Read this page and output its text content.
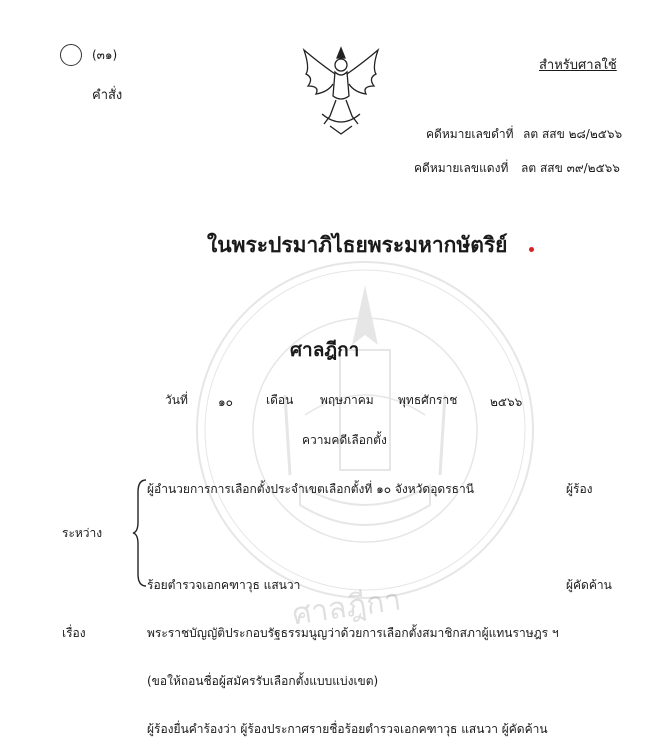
(๓๑)
คำสั่ง
สำหรับศาลใช้
คดีหมายเลขดำที่ ลต สสข ๒๘/๒๕๖๖
คดีหมายเลขแดงที่ ลต สสข ๓๙/๒๕๖๖
ในพระปรมาภิไธยพระมหากษัตริย์
ศาลฎีกา
วันที่	๑๐	เดือน พฤษภาคม พุทธศักราช	๒๕๖๖
ความคดีเลือกตั้ง
ผู้อำนวยการการเลือกตั้งประจำเขตเลือกตั้งที่ ๑๐ จังหวัดอุดรธานี	ผู้ร้อง
ระหว่าง
ร้อยตำรวจเอกคฑาวุธ แสนวา	ผู้คัดค้าน
ศาลฎีกา
เรื่อง	พระราชบัญญัติประกอบรัฐธรรมนูญว่าด้วยการเลือกตั้งสมาชิกสภาผู้แทนราษฎร ฯ
(ขอให้ถอนชื่อผู้สมัครรับเลือกตั้งแบบแบ่งเขต)
ผู้ร้องยื่นคำร้องว่า ผู้ร้องประกาศรายชื่อร้อยตำรวจเอกคฑาวุธ แสนวา ผู้คัดค้าน
